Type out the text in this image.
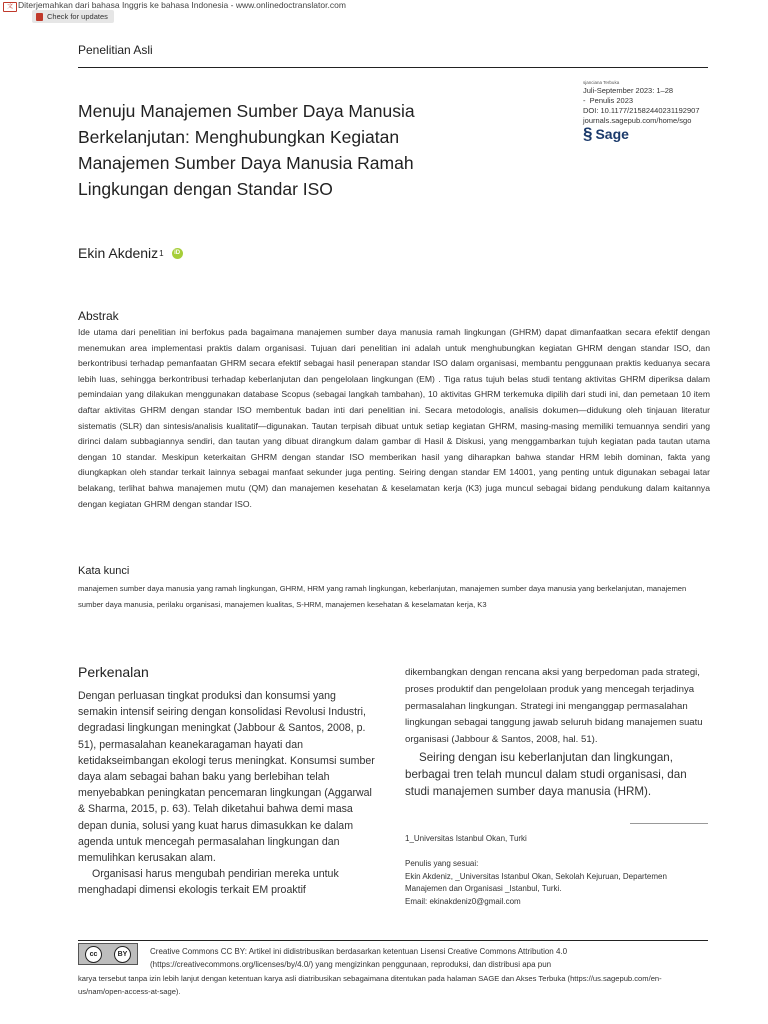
文 Diterjemahkan dari bahasa Inggris ke bahasa Indonesia - www.onlinedoctranslator.com
Check for updates
Penelitian Asli
sjanciana Terbuka
Juli-September 2023: 1–28
-  Penulis 2023
DOI: 10.1177/21582440231192907
journals.sagepub.com/home/sgo
§ Sage
Menuju Manajemen Sumber Daya Manusia
Berkelanjutan: Menghubungkan Kegiatan
Manajemen Sumber Daya Manusia Ramah
Lingkungan dengan Standar ISO
Ekin Akdeniz 1	iD
Abstrak
Ide utama dari penelitian ini berfokus pada bagaimana manajemen sumber daya manusia ramah lingkungan (GHRM) dapat dimanfaatkan secara efektif dengan menemukan area implementasi praktis dalam organisasi. Tujuan dari penelitian ini adalah untuk menghubungkan kegiatan GHRM dengan standar ISO, dan berkontribusi terhadap pemanfaatan GHRM secara efektif sebagai hasil penerapan standar ISO dalam organisasi, membantu penggunaan praktis keduanya secara lebih luas, sehingga berkontribusi terhadap keberlanjutan dan pengelolaan lingkungan (EM) . Tiga ratus tujuh belas studi tentang aktivitas GHRM diperiksa dalam pemindaian yang dilakukan menggunakan database Scopus (sebagai langkah tambahan), 10 aktivitas GHRM terkemuka dipilih dari studi ini, dan pemetaan 10 item daftar aktivitas GHRM dengan standar ISO membentuk badan inti dari penelitian ini. Secara metodologis, analisis dokumen—didukung oleh tinjauan literatur sistematis (SLR) dan sintesis/analisis kualitatif—digunakan. Tautan terpisah dibuat untuk setiap kegiatan GHRM, masing-masing memiliki temuannya sendiri yang dirinci dalam subbagiannya sendiri, dan tautan yang dibuat dirangkum dalam gambar di Hasil & Diskusi, yang menggambarkan tujuh kegiatan pada tautan utama dengan 10 standar. Meskipun keterkaitan GHRM dengan standar ISO memberikan hasil yang diharapkan bahwa standar HRM lebih dominan, fakta yang diungkapkan oleh standar terkait lainnya sebagai manfaat sekunder juga penting. Seiring dengan standar EM 14001, yang penting untuk digunakan sebagai latar belakang, terlihat bahwa manajemen mutu (QM) dan manajemen kesehatan & keselamatan kerja (K3) juga muncul sebagai bidang pendukung dalam kaitannya dengan kegiatan GHRM dengan standar ISO.
Kata kunci
manajemen sumber daya manusia yang ramah lingkungan, GHRM, HRM yang ramah lingkungan, keberlanjutan, manajemen sumber daya manusia yang berkelanjutan, manajemen sumber daya manusia, perilaku organisasi, manajemen kualitas, S-HRM, manajemen kesehatan & keselamatan kerja, K3
Perkenalan

Dengan perluasan tingkat produksi dan konsumsi yang semakin intensif seiring dengan konsolidasi Revolusi Industri, degradasi lingkungan meningkat (Jabbour & Santos, 2008, p. 51), permasalahan keanekaragaman hayati dan ketidakseimbangan ekologi terus meningkat. Konsumsi sumber daya alam sebagai bahan baku yang berlebihan telah menyebabkan peningkatan pencemaran lingkungan (Aggarwal & Sharma, 2015, p. 63). Telah diketahui bahwa demi masa depan dunia, solusi yang kuat harus dimasukkan ke dalam agenda untuk mencegah permasalahan lingkungan dan memulihkan kerusakan alam.

Organisasi harus mengubah pendirian mereka untuk menghadapi dimensi ekologis terkait EM proaktif

dikembangkan dengan rencana aksi yang berpedoman pada strategi, proses produktif dan pengelolaan produk yang mencegah terjadinya permasalahan lingkungan. Strategi ini menganggap permasalahan lingkungan sebagai tanggung jawab seluruh bidang manajemen suatu organisasi (Jabbour & Santos, 2008, hal. 51).

Seiring dengan isu keberlanjutan dan lingkungan, berbagai tren telah muncul dalam studi organisasi, dan studi manajemen sumber daya manusia (HRM).

1_Universitas Istanbul Okan, Turki
Penulis yang sesuai:
Ekin Akdeniz, _Universitas Istanbul Okan, Sekolah Kejuruan, Departemen Manajemen dan Organisasi _Istanbul, Turki.
Email: ekinakdeniz0@gmail.com
cc	BY	Creative Commons CC BY: Artikel ini didistribusikan berdasarkan ketentuan Lisensi Creative Commons Attribution 4.0 (https://creativecommons.org/licenses/by/4.0/) yang mengizinkan penggunaan, reproduksi, dan distribusi apa pun
karya tersebut tanpa izin lebih lanjut dengan ketentuan karya asli diatribusikan sebagaimana ditentukan pada halaman SAGE dan Akses Terbuka (https://us.sagepub.com/en-us/nam/open-access-at-sage).
